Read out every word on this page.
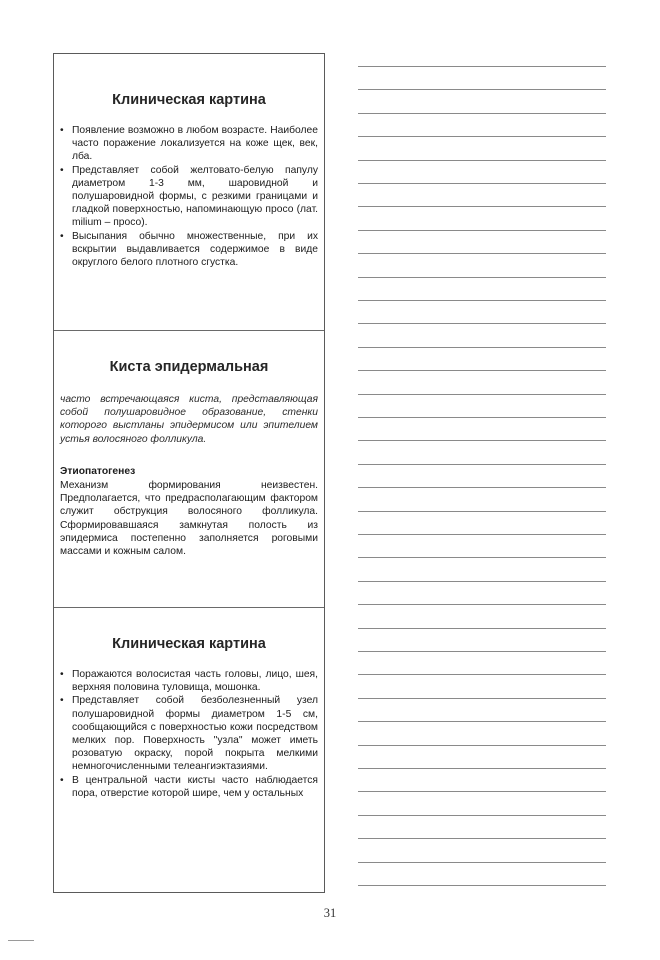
Клиническая картина
• Появление возможно в любом возрасте. Наиболее часто поражение локализуется на коже щек, век, лба.
• Представляет собой желтовато-белую папулу диаметром 1-3 мм, шаровидной и полушаровидной формы, с резкими границами и гладкой поверхностью, напоминающую просо (лат. milium – просо).
• Высыпания обычно множественные, при их вскрытии выдавливается содержимое в виде округлого белого плотного сгустка.
Киста эпидермальная

часто встречающаяся киста, представляющая собой полушаровидное образование, стенки которого выстланы эпидермисом или эпителием устья волосяного фолликула.

Этиопатогенез

Механизм формирования неизвестен. Предполагается, что предрасполагающим фактором служит обструкция волосяного фолликула. Сформировавшаяся замкнутая полость из эпидермиса постепенно заполняется роговыми массами и кожным салом.

Клиническая картина
• Поражаются волосистая часть головы, лицо, шея, верхняя половина туловища, мошонка.
• Представляет собой безболезненный узел полушаровидной формы диаметром 1-5 см, сообщающийся с поверхностью кожи посредством мелких пор. Поверхность "узла" может иметь розоватую окраску, порой покрыта мелкими немногочисленными телеангиэктазиями.
• В центральной части кисты часто наблюдается пора, отверстие которой шире, чем у остальных
31
